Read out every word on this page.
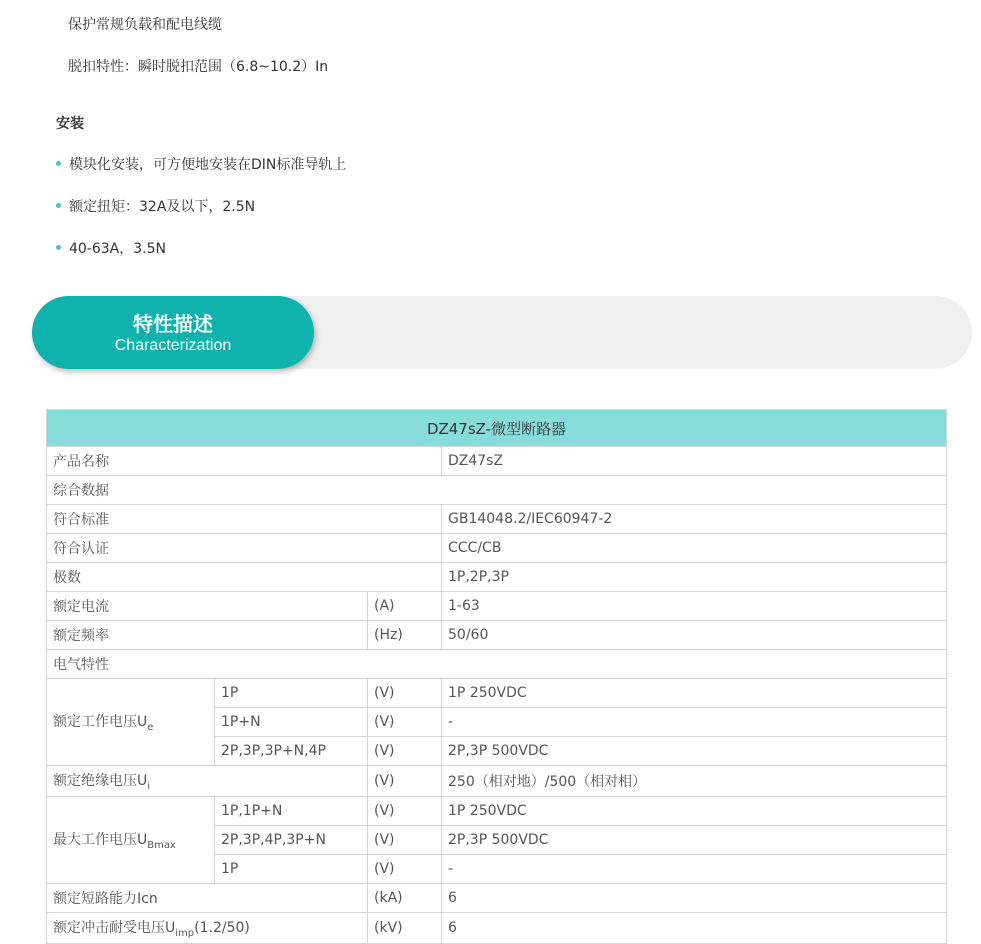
保护常规负载和配电线缆
脱扣特性：瞬时脱扣范围（6.8~10.2）In
安装
模块化安装，可方便地安装在DIN标准导轨上
额定扭矩：32A及以下，2.5N
40-63A，3.5N
特性描述
Characterization
DZ47sZ-微型断路器			
产品名称			DZ47sZ
综合数据			
符合标准			GB14048.2/IEC60947-2
符合认证			CCC/CB
极数			1P,2P,3P
额定电流		(A)	1-63
额定频率		(Hz)	50/60
电气特性			
额定工作电压$U_e$	1P	(V)	1P 250VDC
	1P+N	(V)	-
	2P,3P,3P+N,4P	(V)	2P,3P 500VDC
额定绝缘电压$U_i$		(V)	250（相对地）/500（相对相）
最大工作电压$U_{Bmax}$	1P,1P+N	(V)	1P 250VDC
	2P,3P,4P,3P+N	(V)	2P,3P 500VDC
	1P	(V)	-
额定短路能力Icn		(kA)	6
额定冲击耐受电压$U_{imp}(1.2/50)$		(kV)	6
